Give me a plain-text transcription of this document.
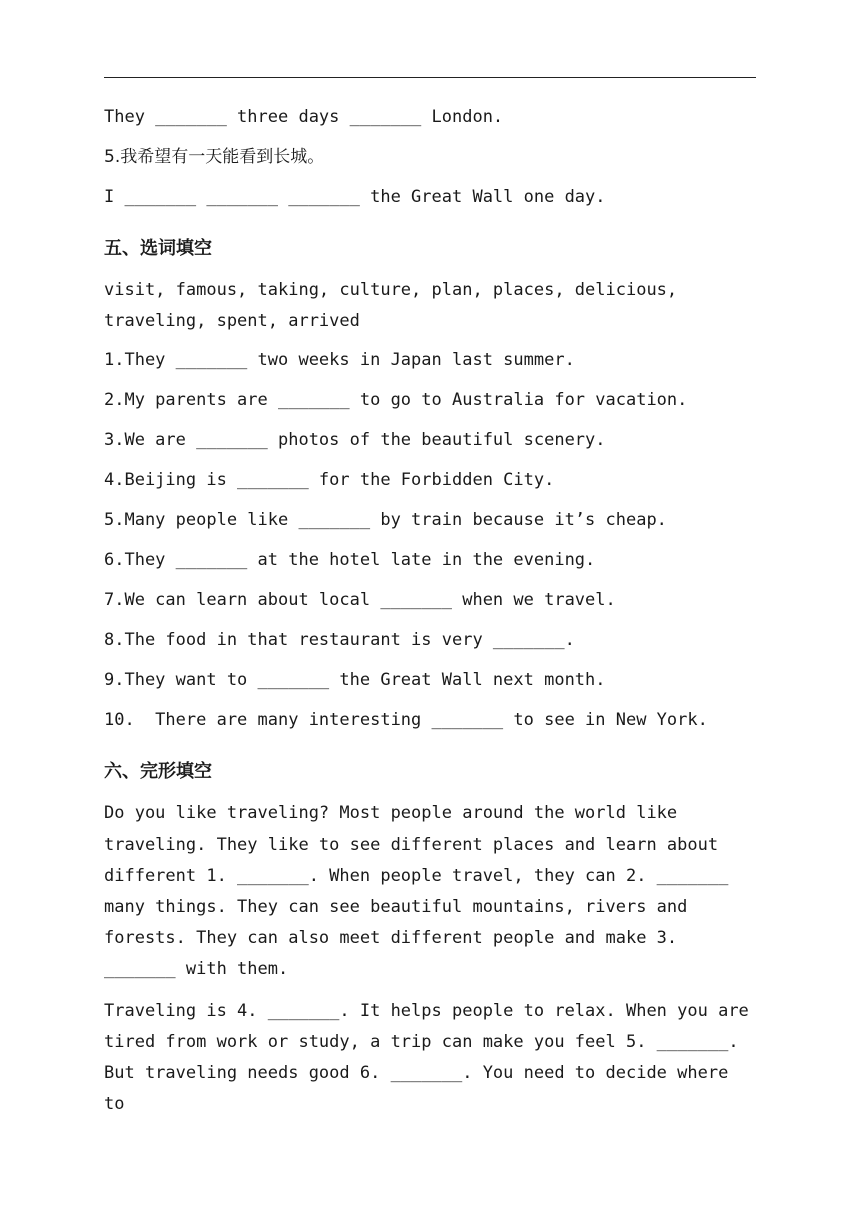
They _______ three days _______ London.
5.我希望有一天能看到长城。
I _______ _______ _______ the Great Wall one day.
五、选词填空
visit, famous, taking, culture, plan, places, delicious, traveling, spent, arrived
1.They _______ two weeks in Japan last summer.
2.My parents are _______ to go to Australia for vacation.
3.We are _______ photos of the beautiful scenery.
4.Beijing is _______ for the Forbidden City.
5.Many people like _______ by train because it’s cheap.
6.They _______ at the hotel late in the evening.
7.We can learn about local _______ when we travel.
8.The food in that restaurant is very _______.
9.They want to _______ the Great Wall next month.
10.  There are many interesting _______ to see in New York.
六、完形填空
Do you like traveling? Most people around the world like traveling. They like to see different places and learn about different 1. _______. When people travel, they can 2. _______ many things. They can see beautiful mountains, rivers and forests. They can also meet different people and make 3. _______ with them.
Traveling is 4. _______. It helps people to relax. When you are tired from work or study, a trip can make you feel 5. _______. But traveling needs good 6. _______. You need to decide where to
